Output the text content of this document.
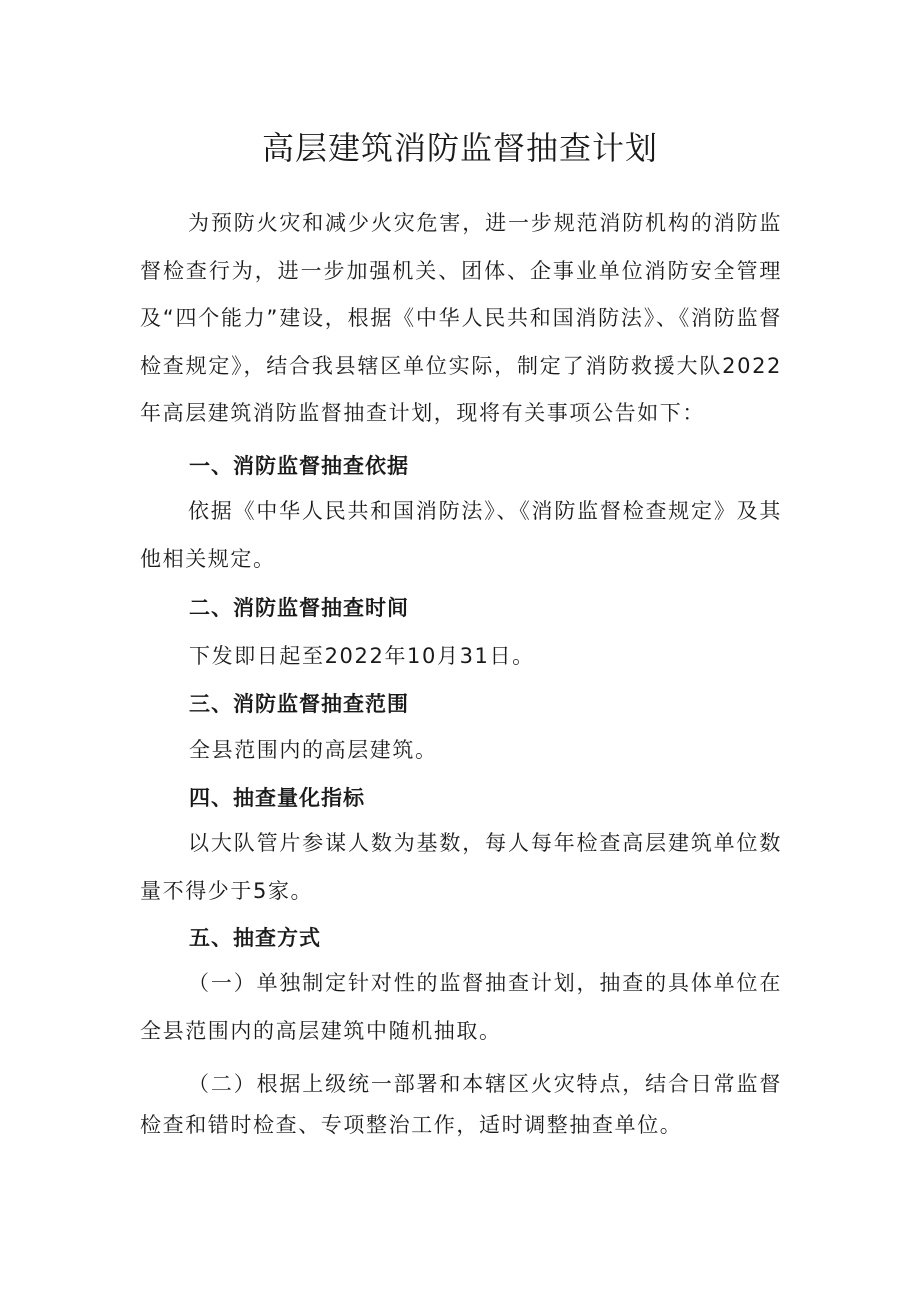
高层建筑消防监督抽查计划

为预防火灾和减少火灾危害，进一步规范消防机构的消防监督检查行为，进一步加强机关、团体、企事业单位消防安全管理及“四个能力”建设，根据《中华人民共和国消防法》、《消防监督检查规定》，结合我县辖区单位实际，制定了消防救援大队2022年高层建筑消防监督抽查计划，现将有关事项公告如下：

一、消防监督抽查依据

依据《中华人民共和国消防法》、《消防监督检查规定》及其他相关规定。

二、消防监督抽查时间

下发即日起至2022年10月31日。

三、消防监督抽查范围

全县范围内的高层建筑。

四、抽查量化指标

以大队管片参谋人数为基数，每人每年检查高层建筑单位数量不得少于5家。

五、抽查方式

（一）单独制定针对性的监督抽查计划，抽查的具体单位在全县范围内的高层建筑中随机抽取。

（二）根据上级统一部署和本辖区火灾特点，结合日常监督检查和错时检查、专项整治工作，适时调整抽查单位。
